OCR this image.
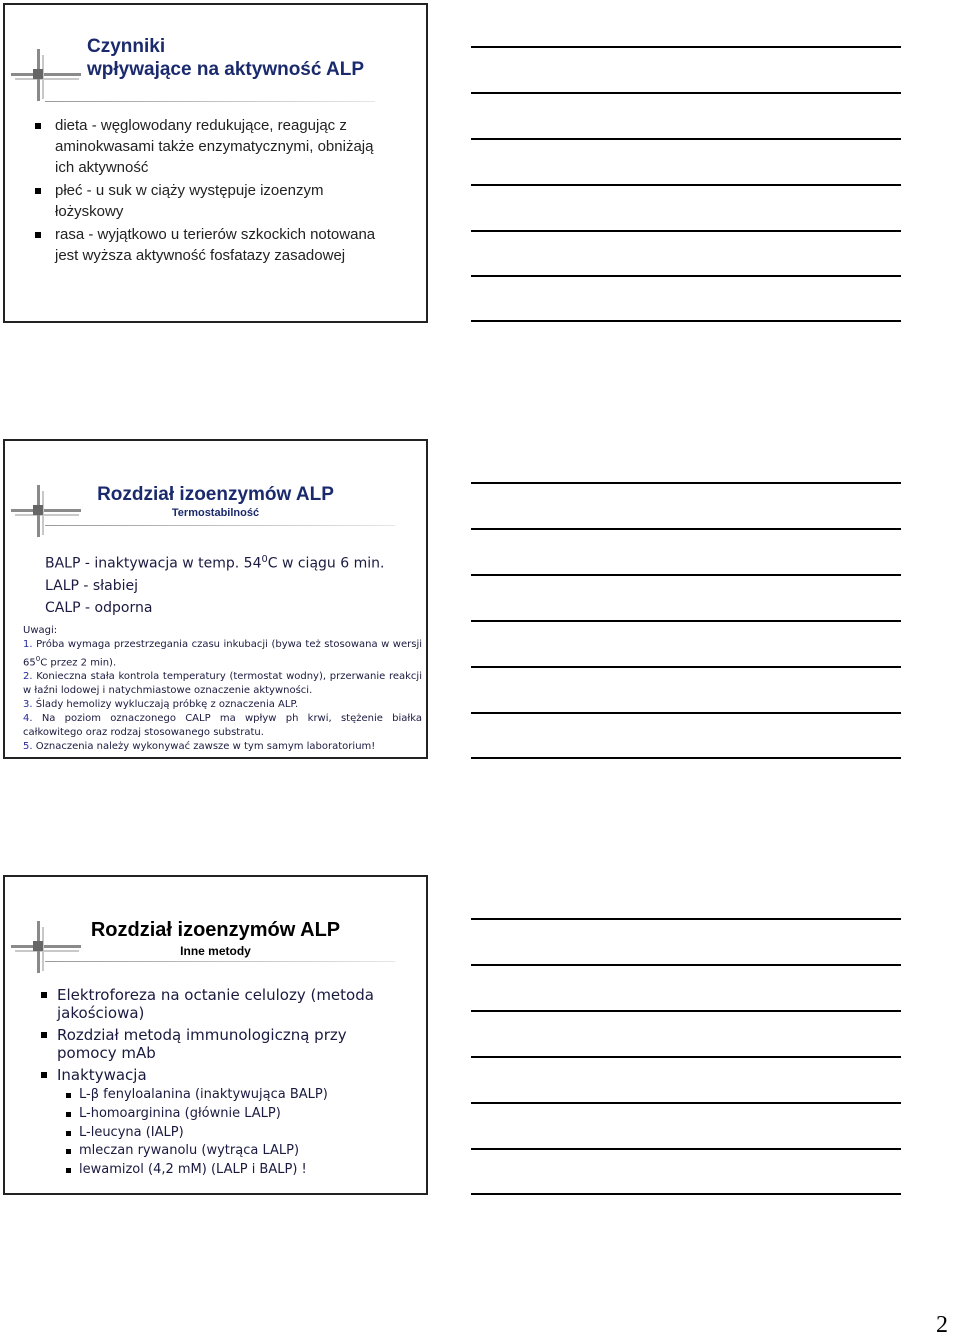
Czynniki
wpływające na aktywność ALP
dieta - węglowodany redukujące, reagując z
aminokwasami także enzymatycznymi, obniżają
ich aktywność
płeć - u suk w ciąży występuje izoenzym
łożyskowy
rasa - wyjątkowo u terierów szkockich notowana
jest wyższa aktywność fosfatazy zasadowej
Rozdział izoenzymów ALP
Termostabilność
BALP - inaktywacja w temp. $54^0C$ w ciągu 6 min.
LALP - słabiej
CALP - odporna

Uwagi:

1. Próba wymaga przestrzegania czasu inkubacji (bywa też stosowana w wersji $65^0C$ przez 2 min).

2. Konieczna stała kontrola temperatury (termostat wodny), przerwanie reakcji w łaźni lodowej i natychmiastowe oznaczenie aktywności.

3. Ślady hemolizy wykluczają próbkę z oznaczenia ALP.

4. Na poziom oznaczonego CALP ma wpływ ph krwi, stężenie białka całkowitego oraz rodzaj stosowanego substratu.

5. Oznaczenia należy wykonywać zawsze w tym samym laboratorium!

Rozdział izoenzymów ALP
Inne metody
Elektroforeza na octanie celulozy (metoda
jakościowa)
Rozdział metodą immunologiczną przy
pomocy mAb
Inaktywacja
L-β fenyloalanina (inaktywująca BALP)
L-homoarginina (głównie LALP)
L-leucyna (IALP)
mleczan rywanolu (wytrąca LALP)
lewamizol (4,2 mM) (LALP i BALP) !
2
